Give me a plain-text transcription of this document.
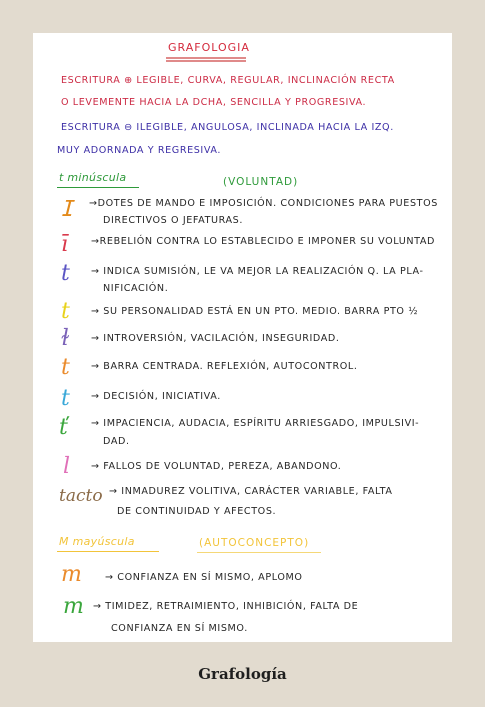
GRAFOLOGIA
ESCRITURA ⊕ LEGIBLE, CURVA, REGULAR, INCLINACIÓN RECTA
O LEVEMENTE HACIA LA DCHA, SENCILLA Y PROGRESIVA.
ESCRITURA ⊖ ILEGIBLE, ANGULOSA, INCLINADA HACIA LA IZQ.
MUY ADORNADA Y REGRESIVA.
t minúscula	(VOLUNTAD)
ⵊ →DOTES DE MANDO E IMPOSICIÓN. CONDICIONES PARA PUESTOS
DIRECTIVOS O JEFATURAS.
ī →REBELIÓN CONTRA LO ESTABLECIDO E IMPONER SU VOLUNTAD
t → INDICA SUMISIÓN, LE VA MEJOR LA REALIZACIÓN Q. LA PLA-
NIFICACIÓN.
t → SU PERSONALIDAD ESTÁ EN UN PTO. MEDIO. BARRA PTO ½
ɫ → INTROVERSIÓN, VACILACIÓN, INSEGURIDAD.
t → BARRA CENTRADA. REFLEXIÓN, AUTOCONTROL.
t → DECISIÓN, INICIATIVA.
ť → IMPACIENCIA, AUDACIA, ESPÍRITU ARRIESGADO, IMPULSIVI-
DAD.
l → FALLOS DE VOLUNTAD, PEREZA, ABANDONO.
tacto → INMADUREZ VOLITIVA, CARÁCTER VARIABLE, FALTA
DE CONTINUIDAD Y AFECTOS.
M mayúscula	(AUTOCONCEPTO)
m → CONFIANZA EN SÍ MISMO, APLOMO
m → TIMIDEZ, RETRAIMIENTO, INHIBICIÓN, FALTA DE
CONFIANZA EN SÍ MISMO.
Grafología
